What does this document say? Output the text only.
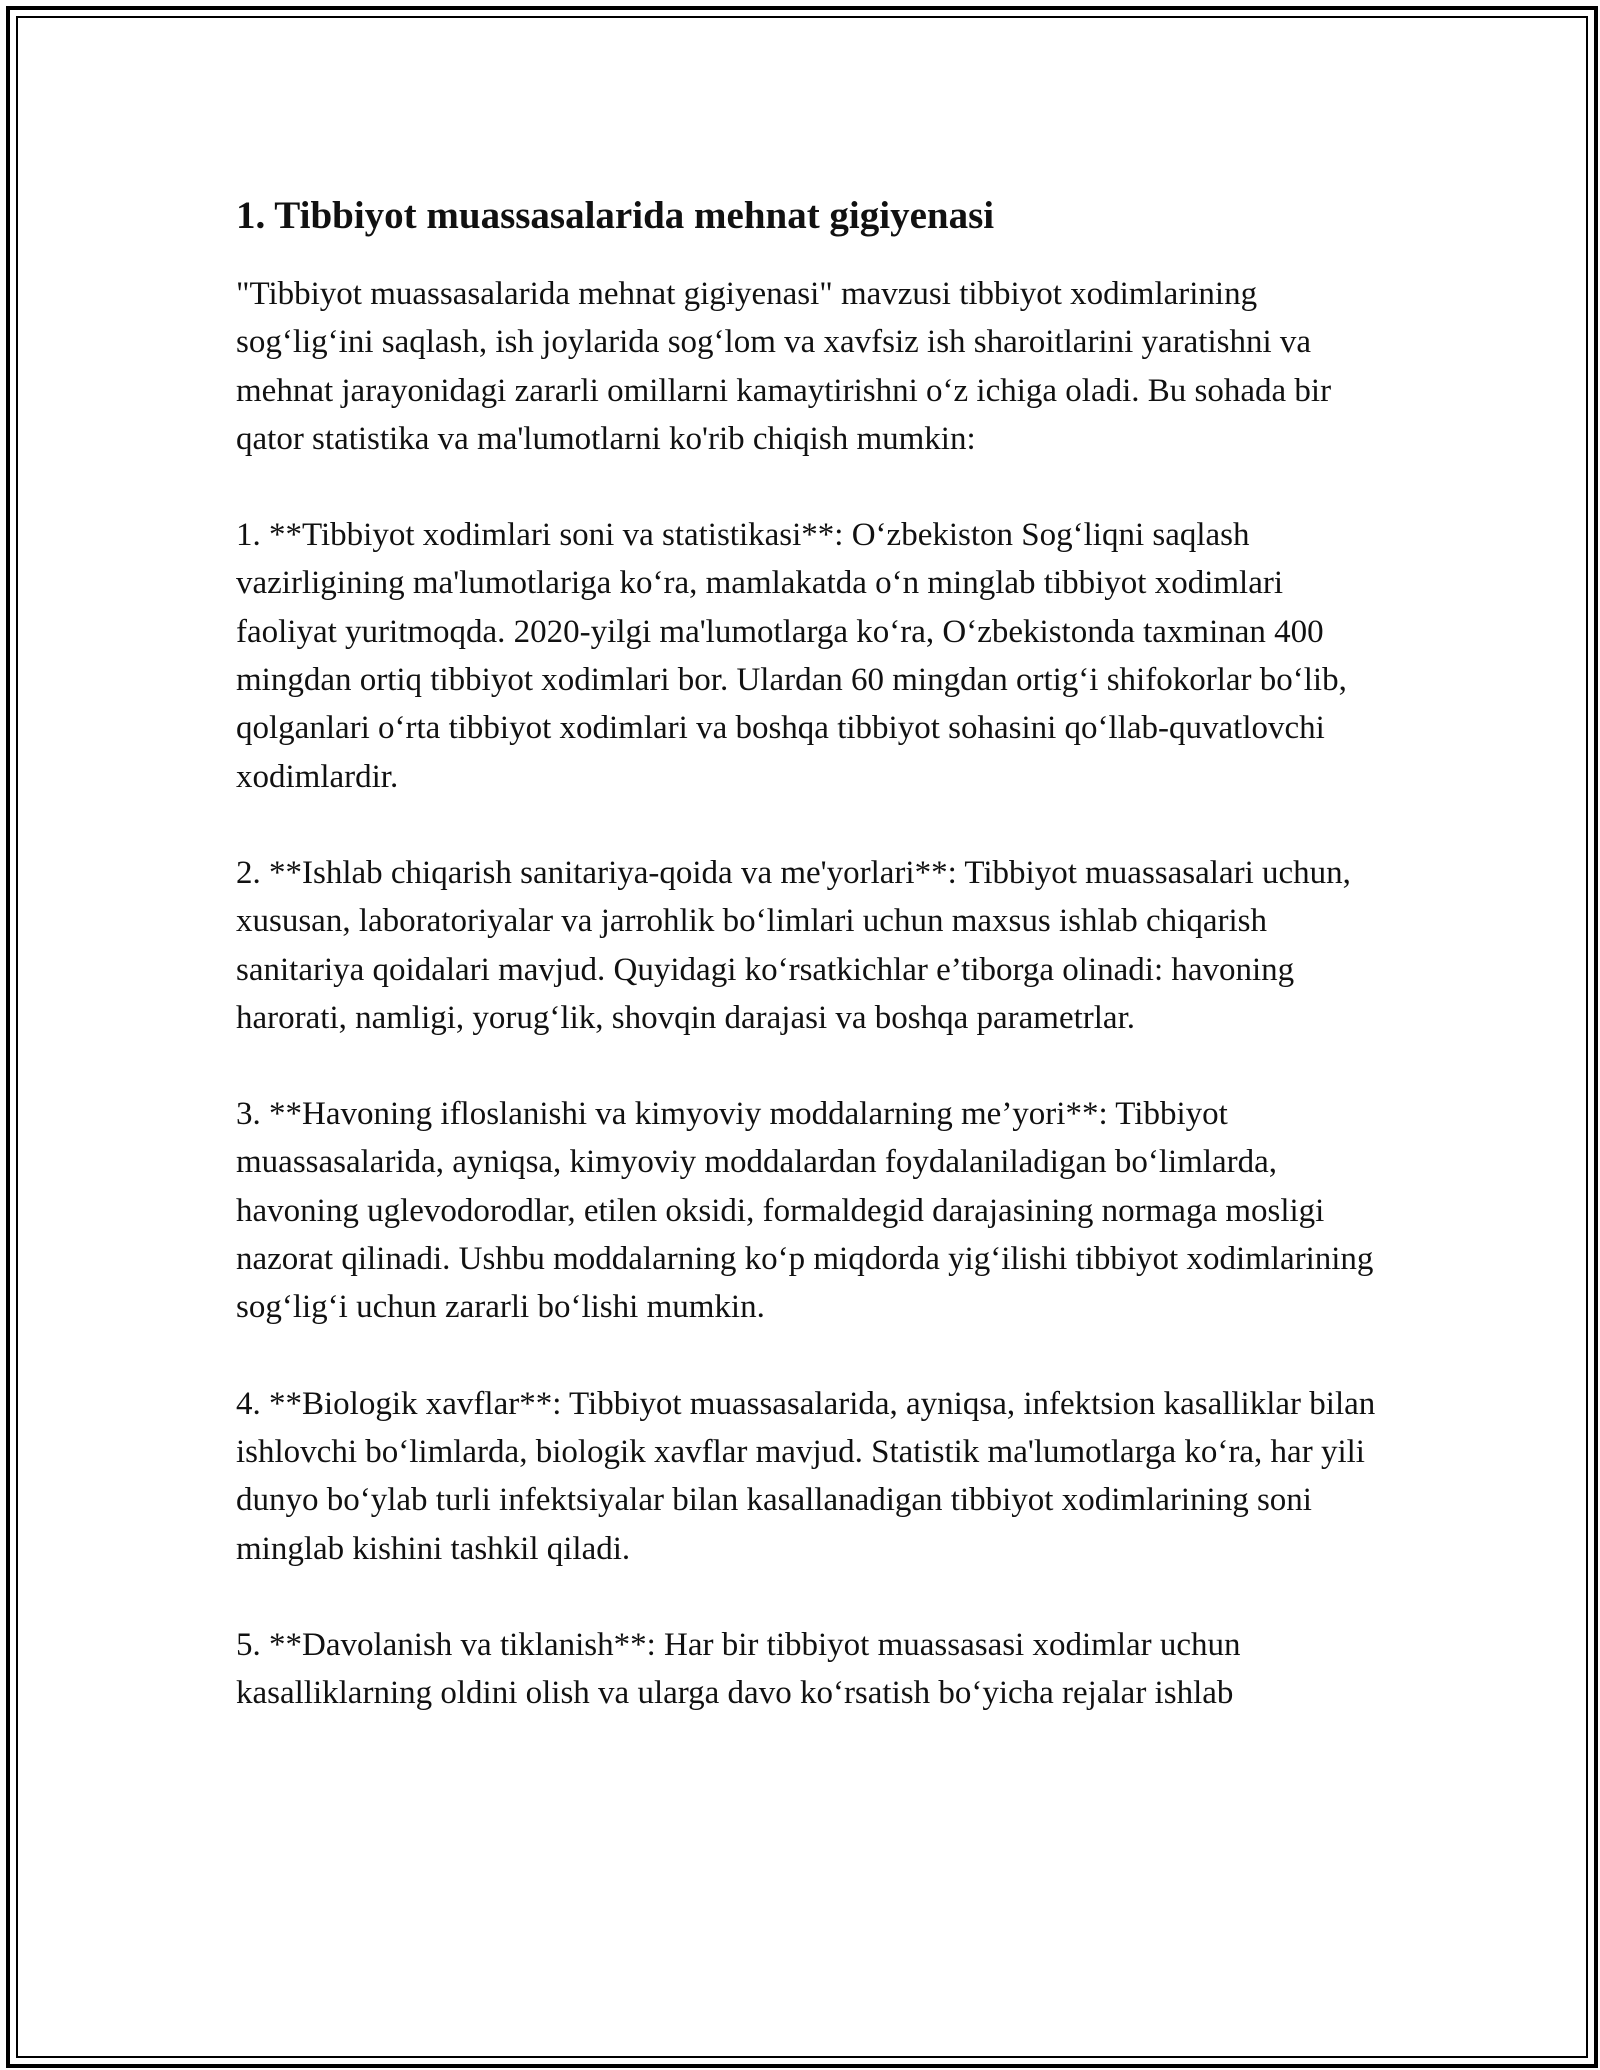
1. Tibbiyot muassasalarida mehnat gigiyenasi

"Tibbiyot muassasalarida mehnat gigiyenasi" mavzusi tibbiyot xodimlarining sog‘lig‘ini saqlash, ish joylarida sog‘lom va xavfsiz ish sharoitlarini yaratishni va mehnat jarayonidagi zararli omillarni kamaytirishni o‘z ichiga oladi. Bu sohada bir qator statistika va ma'lumotlarni ko'rib chiqish mumkin:

1. **Tibbiyot xodimlari soni va statistikasi**: O‘zbekiston Sog‘liqni saqlash vazirligining ma'lumotlariga ko‘ra, mamlakatda o‘n minglab tibbiyot xodimlari faoliyat yuritmoqda. 2020-yilgi ma'lumotlarga ko‘ra, O‘zbekistonda taxminan 400 mingdan ortiq tibbiyot xodimlari bor. Ulardan 60 mingdan ortig‘i shifokorlar bo‘lib, qolganlari o‘rta tibbiyot xodimlari va boshqa tibbiyot sohasini qo‘llab-quvatlovchi xodimlardir.

2. **Ishlab chiqarish sanitariya-qoida va me'yorlari**: Tibbiyot muassasalari uchun, xususan, laboratoriyalar va jarrohlik bo‘limlari uchun maxsus ishlab chiqarish sanitariya qoidalari mavjud. Quyidagi ko‘rsatkichlar e’tiborga olinadi: havoning harorati, namligi, yorug‘lik, shovqin darajasi va boshqa parametrlar.

3. **Havoning ifloslanishi va kimyoviy moddalarning me’yori**: Tibbiyot muassasalarida, ayniqsa, kimyoviy moddalardan foydalaniladigan bo‘limlarda, havoning uglevodorodlar, etilen oksidi, formaldegid darajasining normaga mosligi nazorat qilinadi. Ushbu moddalarning ko‘p miqdorda yig‘ilishi tibbiyot xodimlarining sog‘lig‘i uchun zararli bo‘lishi mumkin.

4. **Biologik xavflar**: Tibbiyot muassasalarida, ayniqsa, infektsion kasalliklar bilan ishlovchi bo‘limlarda, biologik xavflar mavjud. Statistik ma'lumotlarga ko‘ra, har yili dunyo bo‘ylab turli infektsiyalar bilan kasallanadigan tibbiyot xodimlarining soni minglab kishini tashkil qiladi.

5. **Davolanish va tiklanish**: Har bir tibbiyot muassasasi xodimlar uchun kasalliklarning oldini olish va ularga davo ko‘rsatish bo‘yicha rejalar ishlab
